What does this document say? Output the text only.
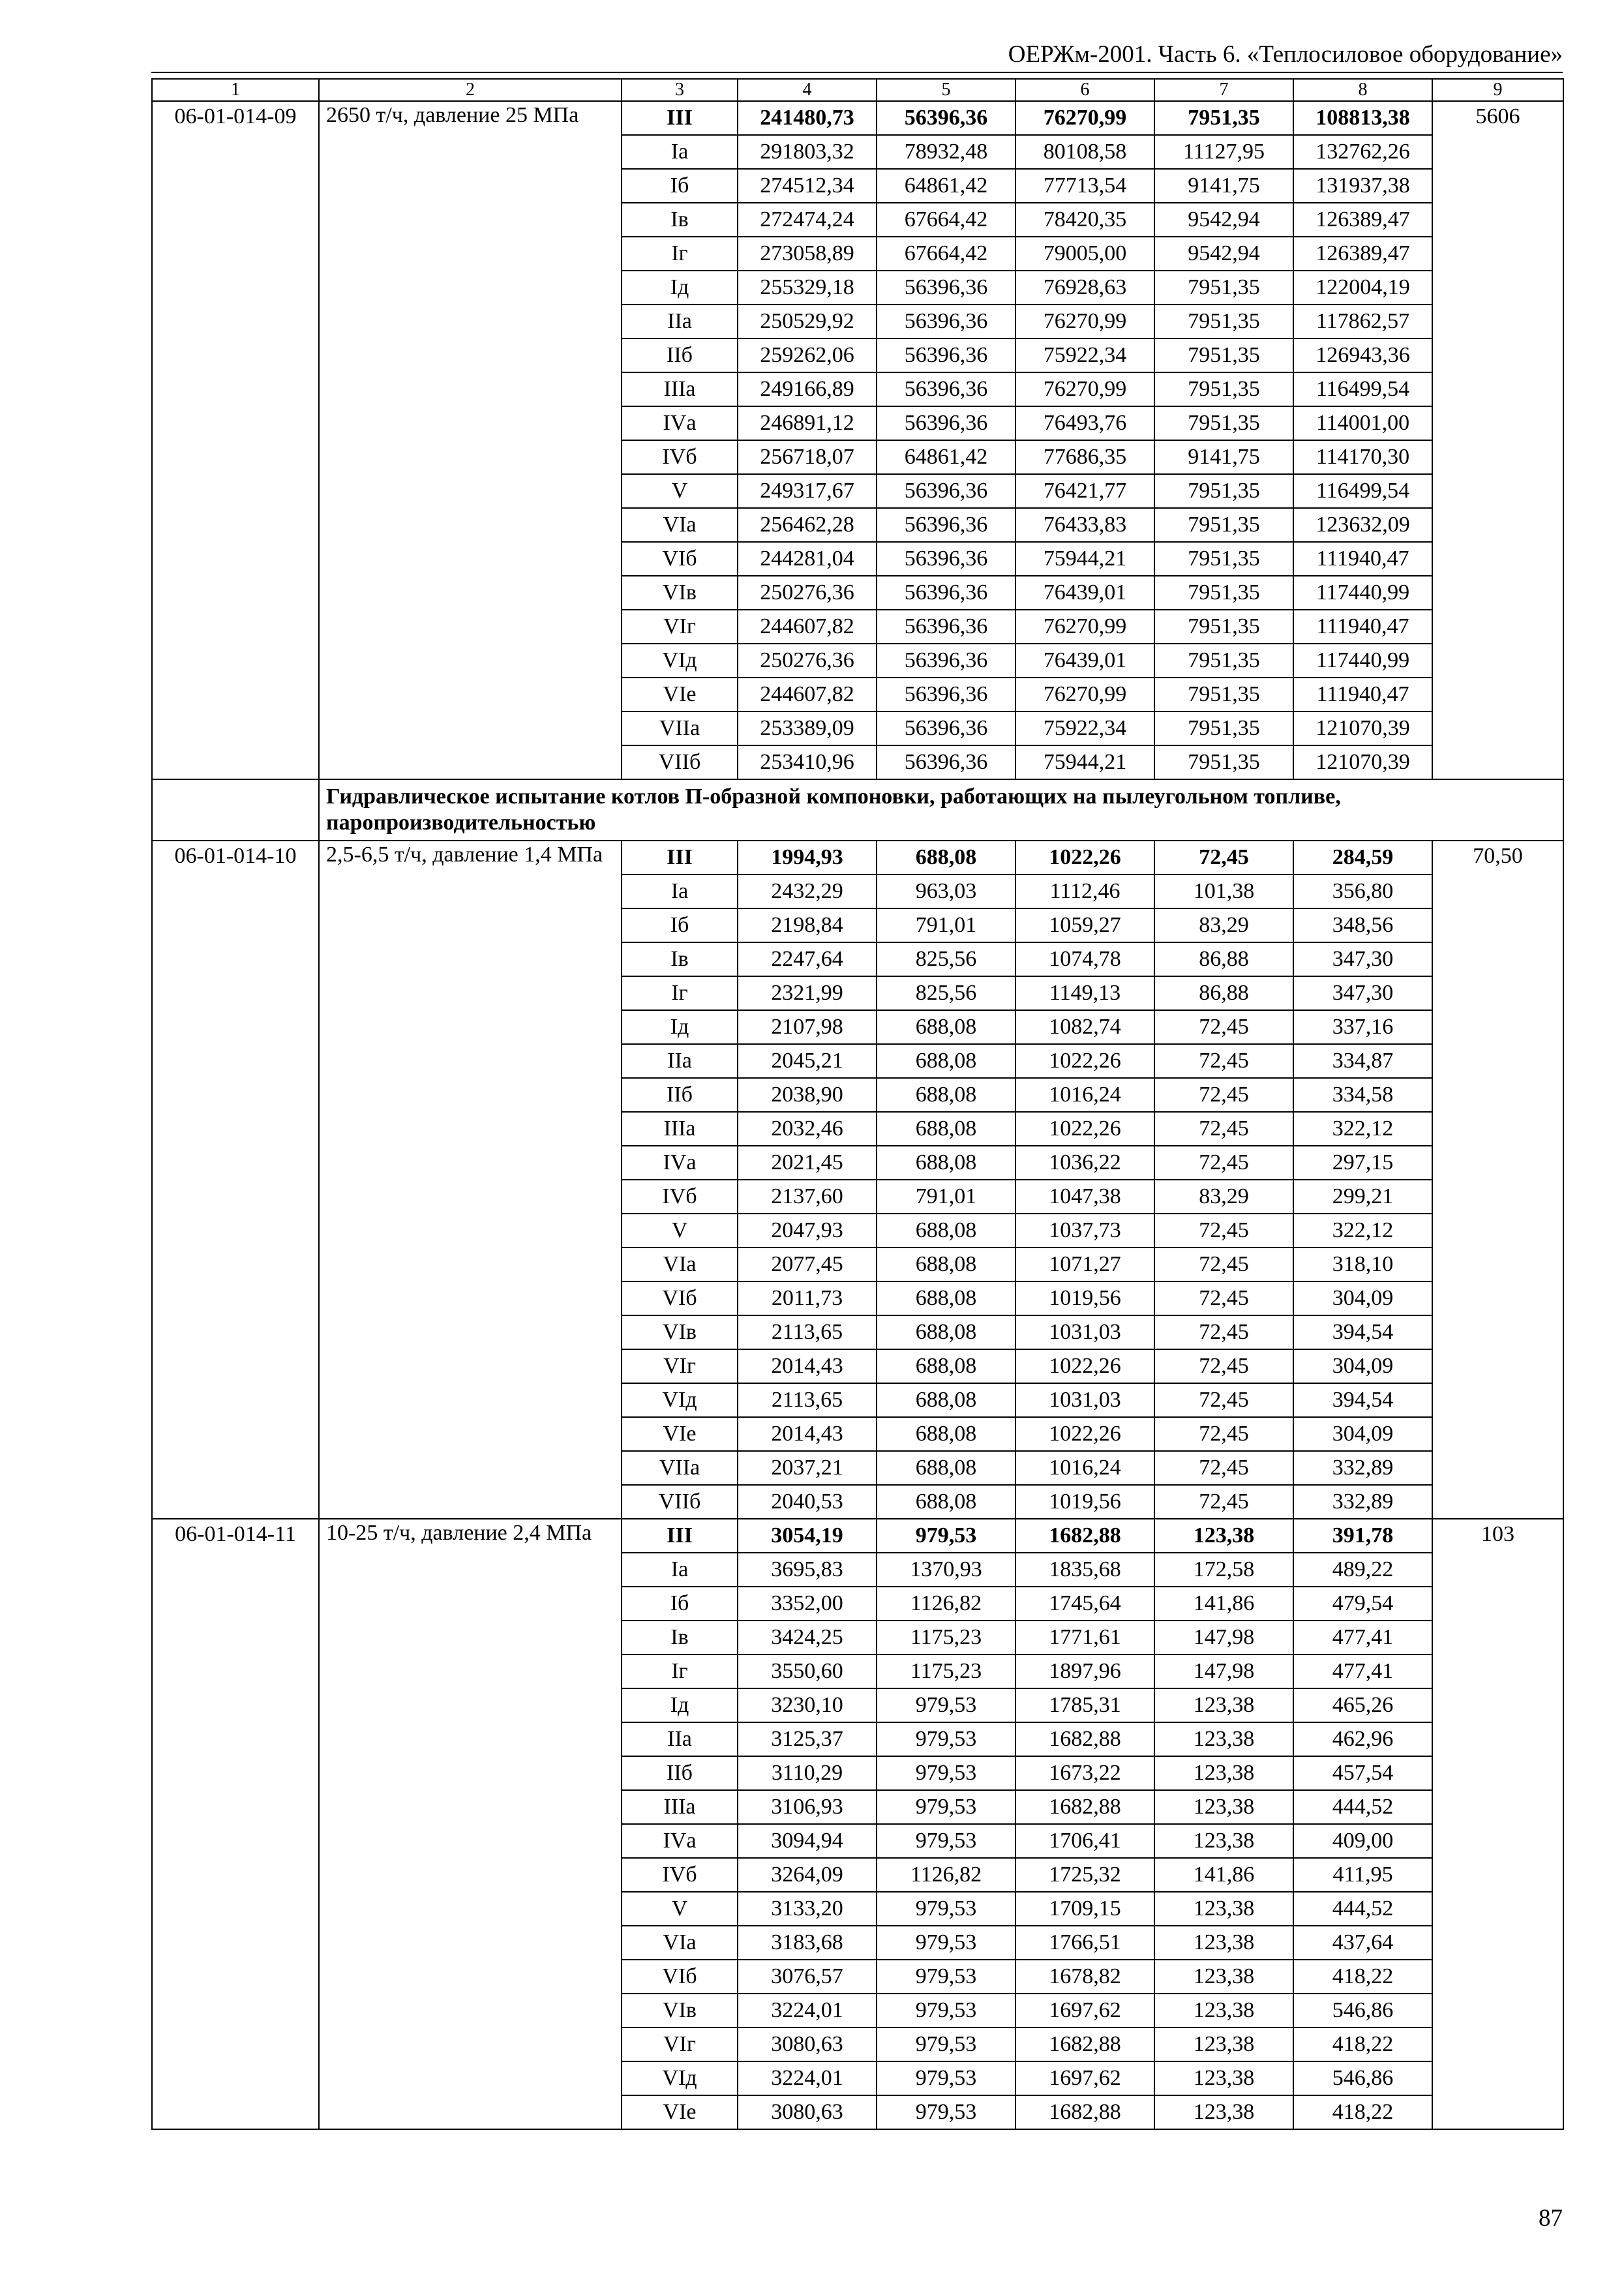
ОЕРЖм-2001. Часть 6. «Теплосиловое оборудование»
1	2	3	4	5	6	7	8	9
06-01-014-09	2650 т/ч, давление 25 МПа	III	241480,73	56396,36	76270,99	7951,35	108813,38	5606
		Iа	291803,32	78932,48	80108,58	11127,95	132762,26	
		Iб	274512,34	64861,42	77713,54	9141,75	131937,38	
		Iв	272474,24	67664,42	78420,35	9542,94	126389,47	
		Iг	273058,89	67664,42	79005,00	9542,94	126389,47	
		Iд	255329,18	56396,36	76928,63	7951,35	122004,19	
		IIа	250529,92	56396,36	76270,99	7951,35	117862,57	
		IIб	259262,06	56396,36	75922,34	7951,35	126943,36	
		IIIа	249166,89	56396,36	76270,99	7951,35	116499,54	
		IVа	246891,12	56396,36	76493,76	7951,35	114001,00	
		IVб	256718,07	64861,42	77686,35	9141,75	114170,30	
		V	249317,67	56396,36	76421,77	7951,35	116499,54	
		VIа	256462,28	56396,36	76433,83	7951,35	123632,09	
		VIб	244281,04	56396,36	75944,21	7951,35	111940,47	
		VIв	250276,36	56396,36	76439,01	7951,35	117440,99	
		VIг	244607,82	56396,36	76270,99	7951,35	111940,47	
		VIд	250276,36	56396,36	76439,01	7951,35	117440,99	
		VIе	244607,82	56396,36	76270,99	7951,35	111940,47	
		VIIа	253389,09	56396,36	75922,34	7951,35	121070,39	
		VIIб	253410,96	56396,36	75944,21	7951,35	121070,39	
	Гидравлическое испытание котлов П-образной компоновки, работающих на пылеугольном топливе, паропроизводительностью							
06-01-014-10	2,5-6,5 т/ч, давление 1,4 МПа	III	1994,93	688,08	1022,26	72,45	284,59	70,50
		Iа	2432,29	963,03	1112,46	101,38	356,80	
		Iб	2198,84	791,01	1059,27	83,29	348,56	
		Iв	2247,64	825,56	1074,78	86,88	347,30	
		Iг	2321,99	825,56	1149,13	86,88	347,30	
		Iд	2107,98	688,08	1082,74	72,45	337,16	
		IIа	2045,21	688,08	1022,26	72,45	334,87	
		IIб	2038,90	688,08	1016,24	72,45	334,58	
		IIIа	2032,46	688,08	1022,26	72,45	322,12	
		IVа	2021,45	688,08	1036,22	72,45	297,15	
		IVб	2137,60	791,01	1047,38	83,29	299,21	
		V	2047,93	688,08	1037,73	72,45	322,12	
		VIа	2077,45	688,08	1071,27	72,45	318,10	
		VIб	2011,73	688,08	1019,56	72,45	304,09	
		VIв	2113,65	688,08	1031,03	72,45	394,54	
		VIг	2014,43	688,08	1022,26	72,45	304,09	
		VIд	2113,65	688,08	1031,03	72,45	394,54	
		VIе	2014,43	688,08	1022,26	72,45	304,09	
		VIIа	2037,21	688,08	1016,24	72,45	332,89	
		VIIб	2040,53	688,08	1019,56	72,45	332,89	
06-01-014-11	10-25 т/ч, давление 2,4 МПа	III	3054,19	979,53	1682,88	123,38	391,78	103
		Iа	3695,83	1370,93	1835,68	172,58	489,22	
		Iб	3352,00	1126,82	1745,64	141,86	479,54	
		Iв	3424,25	1175,23	1771,61	147,98	477,41	
		Iг	3550,60	1175,23	1897,96	147,98	477,41	
		Iд	3230,10	979,53	1785,31	123,38	465,26	
		IIа	3125,37	979,53	1682,88	123,38	462,96	
		IIб	3110,29	979,53	1673,22	123,38	457,54	
		IIIа	3106,93	979,53	1682,88	123,38	444,52	
		IVа	3094,94	979,53	1706,41	123,38	409,00	
		IVб	3264,09	1126,82	1725,32	141,86	411,95	
		V	3133,20	979,53	1709,15	123,38	444,52	
		VIа	3183,68	979,53	1766,51	123,38	437,64	
		VIб	3076,57	979,53	1678,82	123,38	418,22	
		VIв	3224,01	979,53	1697,62	123,38	546,86	
		VIг	3080,63	979,53	1682,88	123,38	418,22	
		VIд	3224,01	979,53	1697,62	123,38	546,86	
		VIе	3080,63	979,53	1682,88	123,38	418,22	
87
